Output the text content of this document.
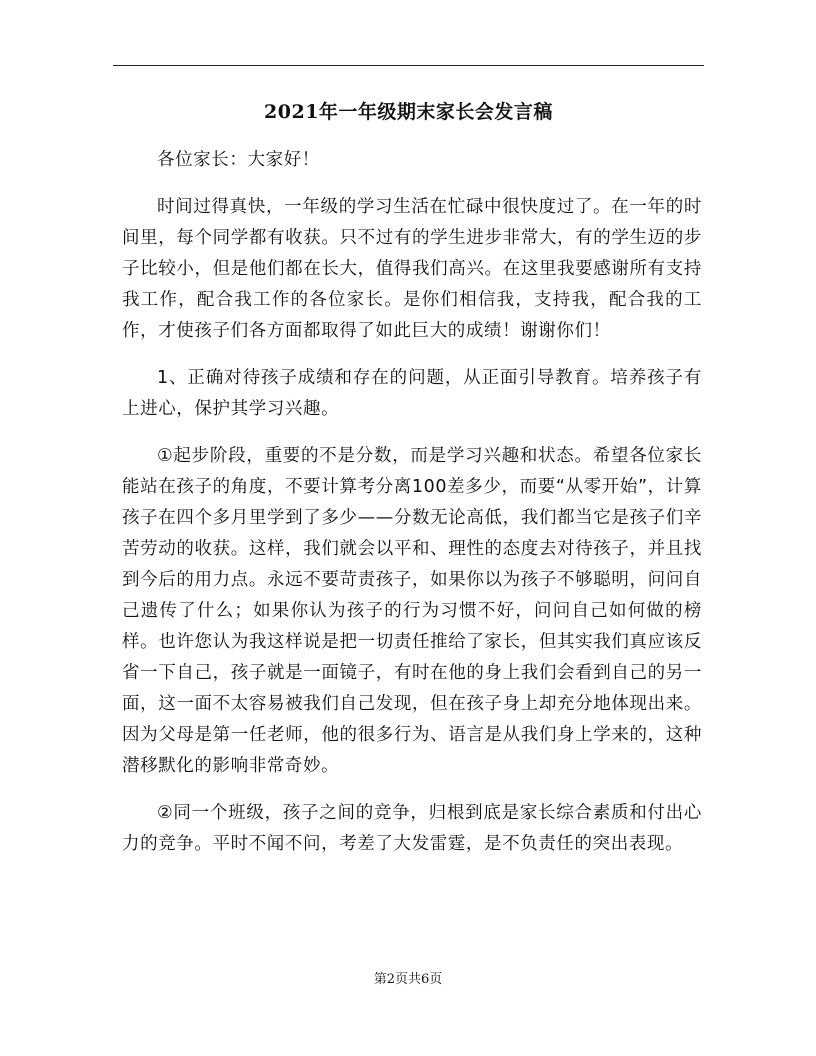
2021年一年级期末家长会发言稿

各位家长：大家好！

时间过得真快，一年级的学习生活在忙碌中很快度过了。在一年的时间里，每个同学都有收获。只不过有的学生进步非常大，有的学生迈的步子比较小，但是他们都在长大，值得我们高兴。在这里我要感谢所有支持我工作，配合我工作的各位家长。是你们相信我，支持我，配合我的工作，才使孩子们各方面都取得了如此巨大的成绩！谢谢你们！

1、正确对待孩子成绩和存在的问题，从正面引导教育。培养孩子有上进心，保护其学习兴趣。

①起步阶段，重要的不是分数，而是学习兴趣和状态。希望各位家长能站在孩子的角度，不要计算考分离100差多少，而要“从零开始”，计算孩子在四个多月里学到了多少——分数无论高低，我们都当它是孩子们辛苦劳动的收获。这样，我们就会以平和、理性的态度去对待孩子，并且找到今后的用力点。永远不要苛责孩子，如果你以为孩子不够聪明，问问自己遗传了什么；如果你认为孩子的行为习惯不好，问问自己如何做的榜样。也许您认为我这样说是把一切责任推给了家长，但其实我们真应该反省一下自己，孩子就是一面镜子，有时在他的身上我们会看到自己的另一面，这一面不太容易被我们自己发现，但在孩子身上却充分地体现出来。因为父母是第一任老师，他的很多行为、语言是从我们身上学来的，这种潜移默化的影响非常奇妙。

②同一个班级，孩子之间的竞争，归根到底是家长综合素质和付出心力的竞争。平时不闻不问，考差了大发雷霆，是不负责任的突出表现。

第2页共6页
